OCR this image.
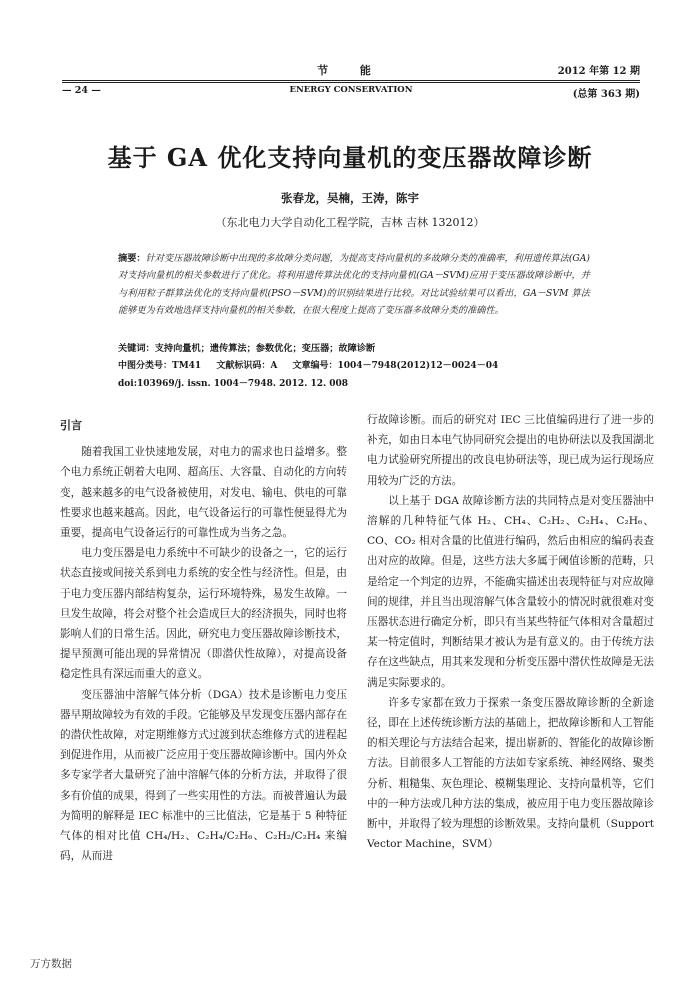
节 能	2012 年第 12 期
— 24 —	ENERGY CONSERVATION	(总第 363 期)
基于 GA 优化支持向量机的变压器故障诊断
张春龙，吴楠，王涛，陈宇
（东北电力大学自动化工程学院，吉林 吉林 132012）
摘要：针对变压器故障诊断中出现的多故障分类问题，为提高支持向量机的多故障分类的准确率，利用遗传算法(GA)对支持向量机的相关参数进行了优化。将利用遗传算法优化的支持向量机(GA－SVM)应用于变压器故障诊断中，并与利用粒子群算法优化的支持向量机(PSO－SVM)的识别结果进行比较。对比试验结果可以看出，GA－SVM 算法能够更为有效地选择支持向量机的相关参数，在很大程度上提高了变压器多故障分类的准确性。
关键词：支持向量机；遗传算法；参数优化；变压器；故障诊断
中图分类号：TM41 文献标识码：A 文章编号：1004－7948(2012)12－0024－04
doi:103969/j. issn. 1004－7948. 2012. 12. 008
引言

随着我国工业快速地发展，对电力的需求也日益增多。整个电力系统正朝着大电网、超高压、大容量、自动化的方向转变，越来越多的电气设备被使用，对发电、输电、供电的可靠性要求也越来越高。因此，电气设备运行的可靠性便显得尤为重要，提高电气设备运行的可靠性成为当务之急。

电力变压器是电力系统中不可缺少的设备之一，它的运行状态直接或间接关系到电力系统的安全性与经济性。但是，由于电力变压器内部结构复杂，运行环境特殊，易发生故障。一旦发生故障，将会对整个社会造成巨大的经济损失，同时也将影响人们的日常生活。因此，研究电力变压器故障诊断技术，提早预测可能出现的异常情况（即潜伏性故障），对提高设备稳定性具有深远而重大的意义。

变压器油中溶解气体分析（DGA）技术是诊断电力变压器早期故障较为有效的手段。它能够及早发现变压器内部存在的潜伏性故障，对定期维修方式过渡到状态维修方式的进程起到促进作用，从而被广泛应用于变压器故障诊断中。国内外众多专家学者大量研究了油中溶解气体的分析方法，并取得了很多有价值的成果，得到了一些实用性的方法。而被普遍认为最为简明的解释是 IEC 标准中的三比值法，它是基于 5 种特征气体的相对比值 CH₄/H₂、C₂H₄/C₂H₆、C₂H₂/C₂H₄ 来编码，从而进

行故障诊断。而后的研究对 IEC 三比值编码进行了进一步的补充，如由日本电气协同研究会提出的电协研法以及我国湖北电力试验研究所提出的改良电协研法等，现已成为运行现场应用较为广泛的方法。

以上基于 DGA 故障诊断方法的共同特点是对变压器油中溶解的几种特征气体 H₂、CH₄、C₂H₂、C₂H₄、C₂H₆、CO、CO₂ 相对含量的比值进行编码，然后由相应的编码表查出对应的故障。但是，这些方法大多属于阈值诊断的范畴，只是给定一个判定的边界，不能确实描述出表现特征与对应故障间的规律，并且当出现溶解气体含量较小的情况时就很难对变压器状态进行确定分析，即只有当某些特征气体相对含量超过某一特定值时，判断结果才被认为是有意义的。由于传统方法存在这些缺点，用其来发现和分析变压器中潜伏性故障是无法满足实际要求的。

许多专家都在致力于探索一条变压器故障诊断的全新途径，即在上述传统诊断方法的基础上，把故障诊断和人工智能的相关理论与方法结合起来，提出崭新的、智能化的故障诊断方法。目前很多人工智能的方法如专家系统、神经网络、聚类分析、粗糙集、灰色理论、模糊集理论、支持向量机等，它们中的一种方法或几种方法的集成，被应用于电力变压器故障诊断中，并取得了较为理想的诊断效果。支持向量机（Support Vector Machine，SVM）

万方数据
